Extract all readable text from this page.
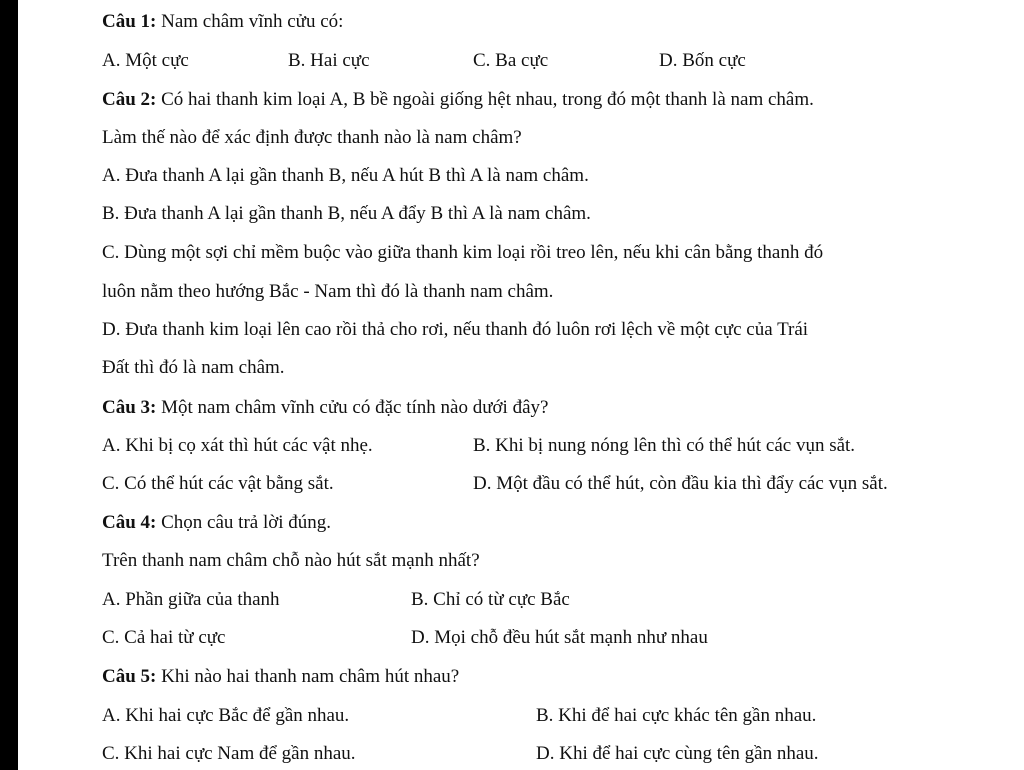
Câu 1: Nam châm vĩnh cửu có:
A. Một cực	B. Hai cực	C. Ba cực	D. Bốn cực
Câu 2: Có hai thanh kim loại A, B bề ngoài giống hệt nhau, trong đó một thanh là nam châm.
Làm thế nào để xác định được thanh nào là nam châm?
A. Đưa thanh A lại gần thanh B, nếu A hút B thì A là nam châm.
B. Đưa thanh A lại gần thanh B, nếu A đẩy B thì A là nam châm.
C. Dùng một sợi chỉ mềm buộc vào giữa thanh kim loại rồi treo lên, nếu khi cân bằng thanh đó
luôn nằm theo hướng Bắc - Nam thì đó là thanh nam châm.
D. Đưa thanh kim loại lên cao rồi thả cho rơi, nếu thanh đó luôn rơi lệch về một cực của Trái
Đất thì đó là nam châm.
Câu 3: Một nam châm vĩnh cửu có đặc tính nào dưới đây?
A. Khi bị cọ xát thì hút các vật nhẹ.	B. Khi bị nung nóng lên thì có thể hút các vụn sắt.
C. Có thể hút các vật bằng sắt.	D. Một đầu có thể hút, còn đầu kia thì đẩy các vụn sắt.
Câu 4: Chọn câu trả lời đúng.
Trên thanh nam châm chỗ nào hút sắt mạnh nhất?
A. Phần giữa của thanh	B. Chỉ có từ cực Bắc
C. Cả hai từ cực	D. Mọi chỗ đều hút sắt mạnh như nhau
Câu 5: Khi nào hai thanh nam châm hút nhau?
A. Khi hai cực Bắc để gần nhau.	B. Khi để hai cực khác tên gần nhau.
C. Khi hai cực Nam để gần nhau.	D. Khi để hai cực cùng tên gần nhau.
